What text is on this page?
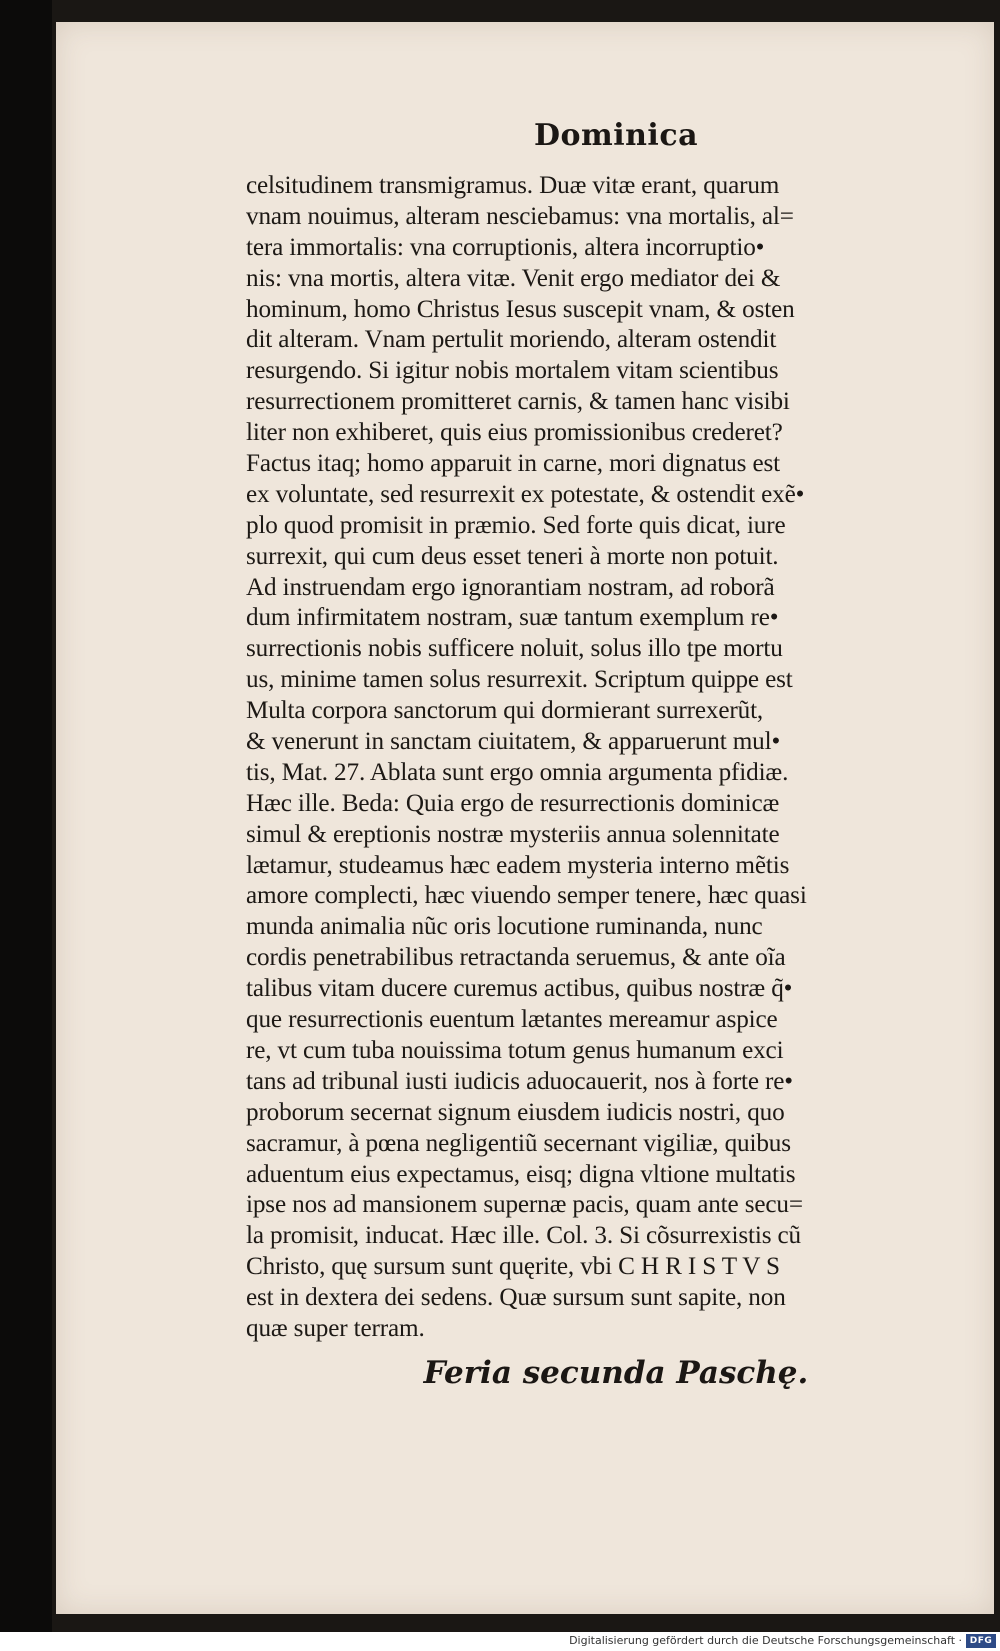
Dominica
celsitudinem transmigramus. Duæ vitæ erant, quarum
vnam nouimus, alteram nesciebamus: vna mortalis, al=
tera immortalis: vna corruptionis, altera incorruptio•
nis: vna mortis, altera vitæ. Venit ergo mediator dei &
hominum, homo Christus Iesus suscepit vnam, & osten
dit alteram. Vnam pertulit moriendo, alteram ostendit
resurgendo. Si igitur nobis mortalem vitam scientibus
resurrectionem promitteret carnis, & tamen hanc visibi
liter non exhiberet, quis eius promissionibus crederet?
Factus itaq; homo apparuit in carne, mori dignatus est
ex voluntate, sed resurrexit ex potestate, & ostendit exẽ•
plo quod promisit in præmio. Sed forte quis dicat, iure
surrexit, qui cum deus esset teneri à morte non potuit.
Ad instruendam ergo ignorantiam nostram, ad roborã
dum infirmitatem nostram, suæ tantum exemplum re•
surrectionis nobis sufficere noluit, solus illo tpe mortu
us, minime tamen solus resurrexit. Scriptum quippe est
Multa corpora sanctorum qui dormierant surrexerũt,
& venerunt in sanctam ciuitatem, & apparuerunt mul•
tis, Mat. 27. Ablata sunt ergo omnia argumenta pfidiæ.
Hæc ille. Beda: Quia ergo de resurrectionis dominicæ
simul & ereptionis nostræ mysteriis annua solennitate
lætamur, studeamus hæc eadem mysteria interno mẽtis
amore complecti, hæc viuendo semper tenere, hæc quasi
munda animalia nũc oris locutione ruminanda, nunc
cordis penetrabilibus retractanda seruemus, & ante oĩa
talibus vitam ducere curemus actibus, quibus nostræ q̃•
que resurrectionis euentum lætantes mereamur aspice
re, vt cum tuba nouissima totum genus humanum exci
tans ad tribunal iusti iudicis aduocauerit, nos à forte re•
proborum secernat signum eiusdem iudicis nostri, quo
sacramur, à pœna negligentiũ secernant vigiliæ, quibus
aduentum eius expectamus, eisq; digna vltione multatis
ipse nos ad mansionem supernæ pacis, quam ante secu=
la promisit, inducat. Hæc ille. Col. 3. Si cõsurrexistis cũ
Christo, quę sursum sunt quęrite, vbi C H R I S T V S
est in dextera dei sedens. Quæ sursum sunt sapite, non
quæ super terram.
Feria secunda Paschę.
Digitalisierung gefördert durch die Deutsche Forschungsgemeinschaft · DFG
